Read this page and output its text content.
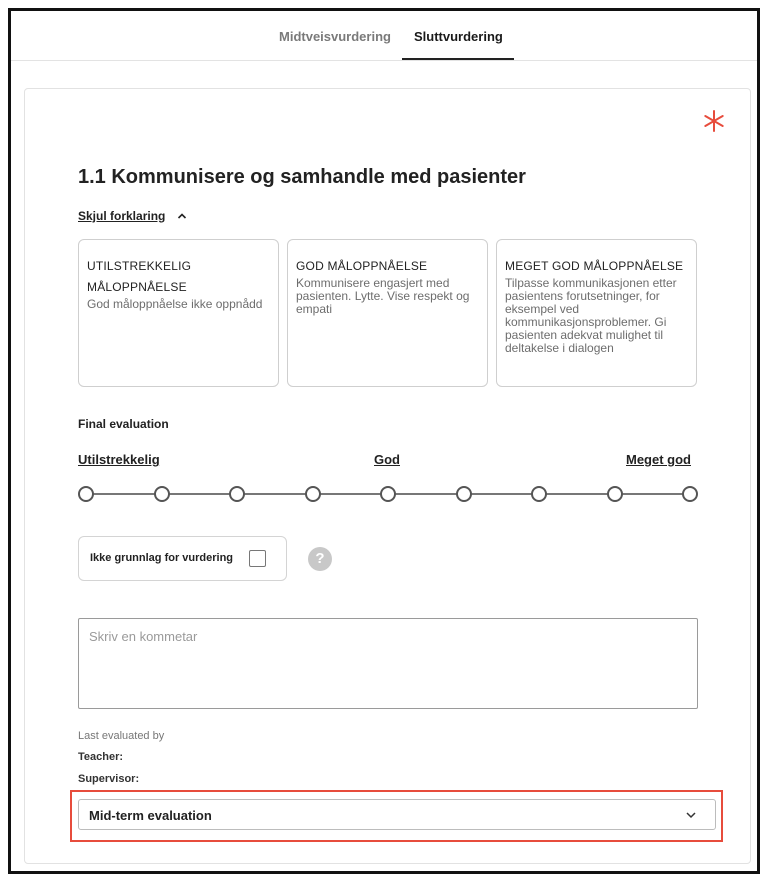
Midtveisvurdering Sluttvurdering
1.1 Kommunisere og samhandle med pasienter
Skjul forklaring
UTILSTREKKELIG MÅLOPPNÅELSE
God måloppnåelse ikke oppnådd
GOD MÅLOPPNÅELSE
Kommunisere engasjert med pasienten. Lytte. Vise respekt og empati
MEGET GOD MÅLOPPNÅELSE
Tilpasse kommunikasjonen etter pasientens forutsetninger, for eksempel ved kommunikasjonsproblemer. Gi pasienten adekvat mulighet til deltakelse i dialogen
Final evaluation
Utilstrekkelig	God	Meget god
Ikke grunnlag for vurdering	?
Skriv en kommetar
Last evaluated by
Teacher:
Supervisor:
Mid-term evaluation
